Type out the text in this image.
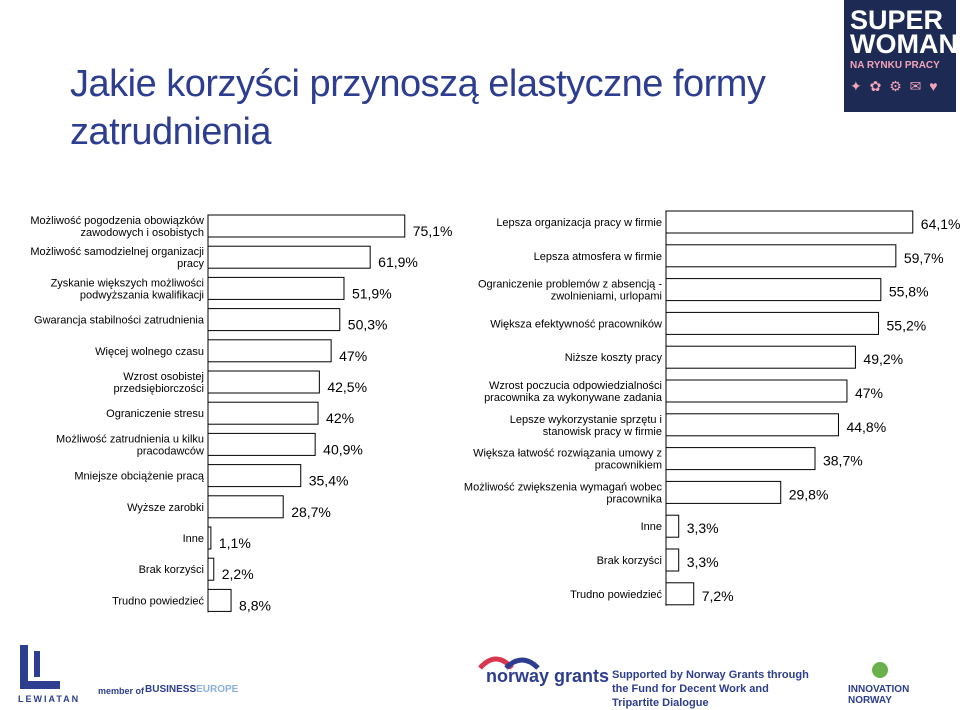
Jakie korzyści przynoszą elastyczne formy zatrudnienia
SUPER
WOMAN
NA RYNKU PRACY
✦ ✿ ⚙ ✉ ♥
75,1%
Możliwość pogodzenia obowiązków
zawodowych i osobistych
61,9%
Możliwość samodzielnej organizacji
pracy
51,9%
Zyskanie większych możliwości
podwyższania kwalifikacji
50,3%
Gwarancja stabilności zatrudnienia
47%
Więcej wolnego czasu
42,5%
Wzrost osobistej
przedsiębiorczości
42%
Ograniczenie stresu
40,9%
Możliwość zatrudnienia u kilku
pracodawców
35,4%
Mniejsze obciążenie pracą
28,7%
Wyższe zarobki
1,1%
Inne
2,2%
Brak korzyści
8,8%
Trudno powiedzieć
64,1%
Lepsza organizacja pracy w firmie
59,7%
Lepsza atmosfera w firmie
55,8%
Ograniczenie problemów z absencją -
zwolnieniami, urlopami
55,2%
Większa efektywność pracowników
49,2%
Niższe koszty pracy
47%
Wzrost poczucia odpowiedzialności
pracownika za wykonywane zadania
44,8%
Lepsze wykorzystanie sprzętu i
stanowisk pracy w firmie
38,7%
Większa łatwość rozwiązania umowy z
pracownikiem
29,8%
Możliwość zwiększenia wymagań wobec
pracownika
3,3%
Inne
3,3%
Brak korzyści
7,2%
Trudno powiedzieć
LEWIATAN
member of BUSINESSEUROPE
norway grants Supported by Norway Grants through the Fund for Decent Work and Tripartite Dialogue
INNOVATION NORWAY
